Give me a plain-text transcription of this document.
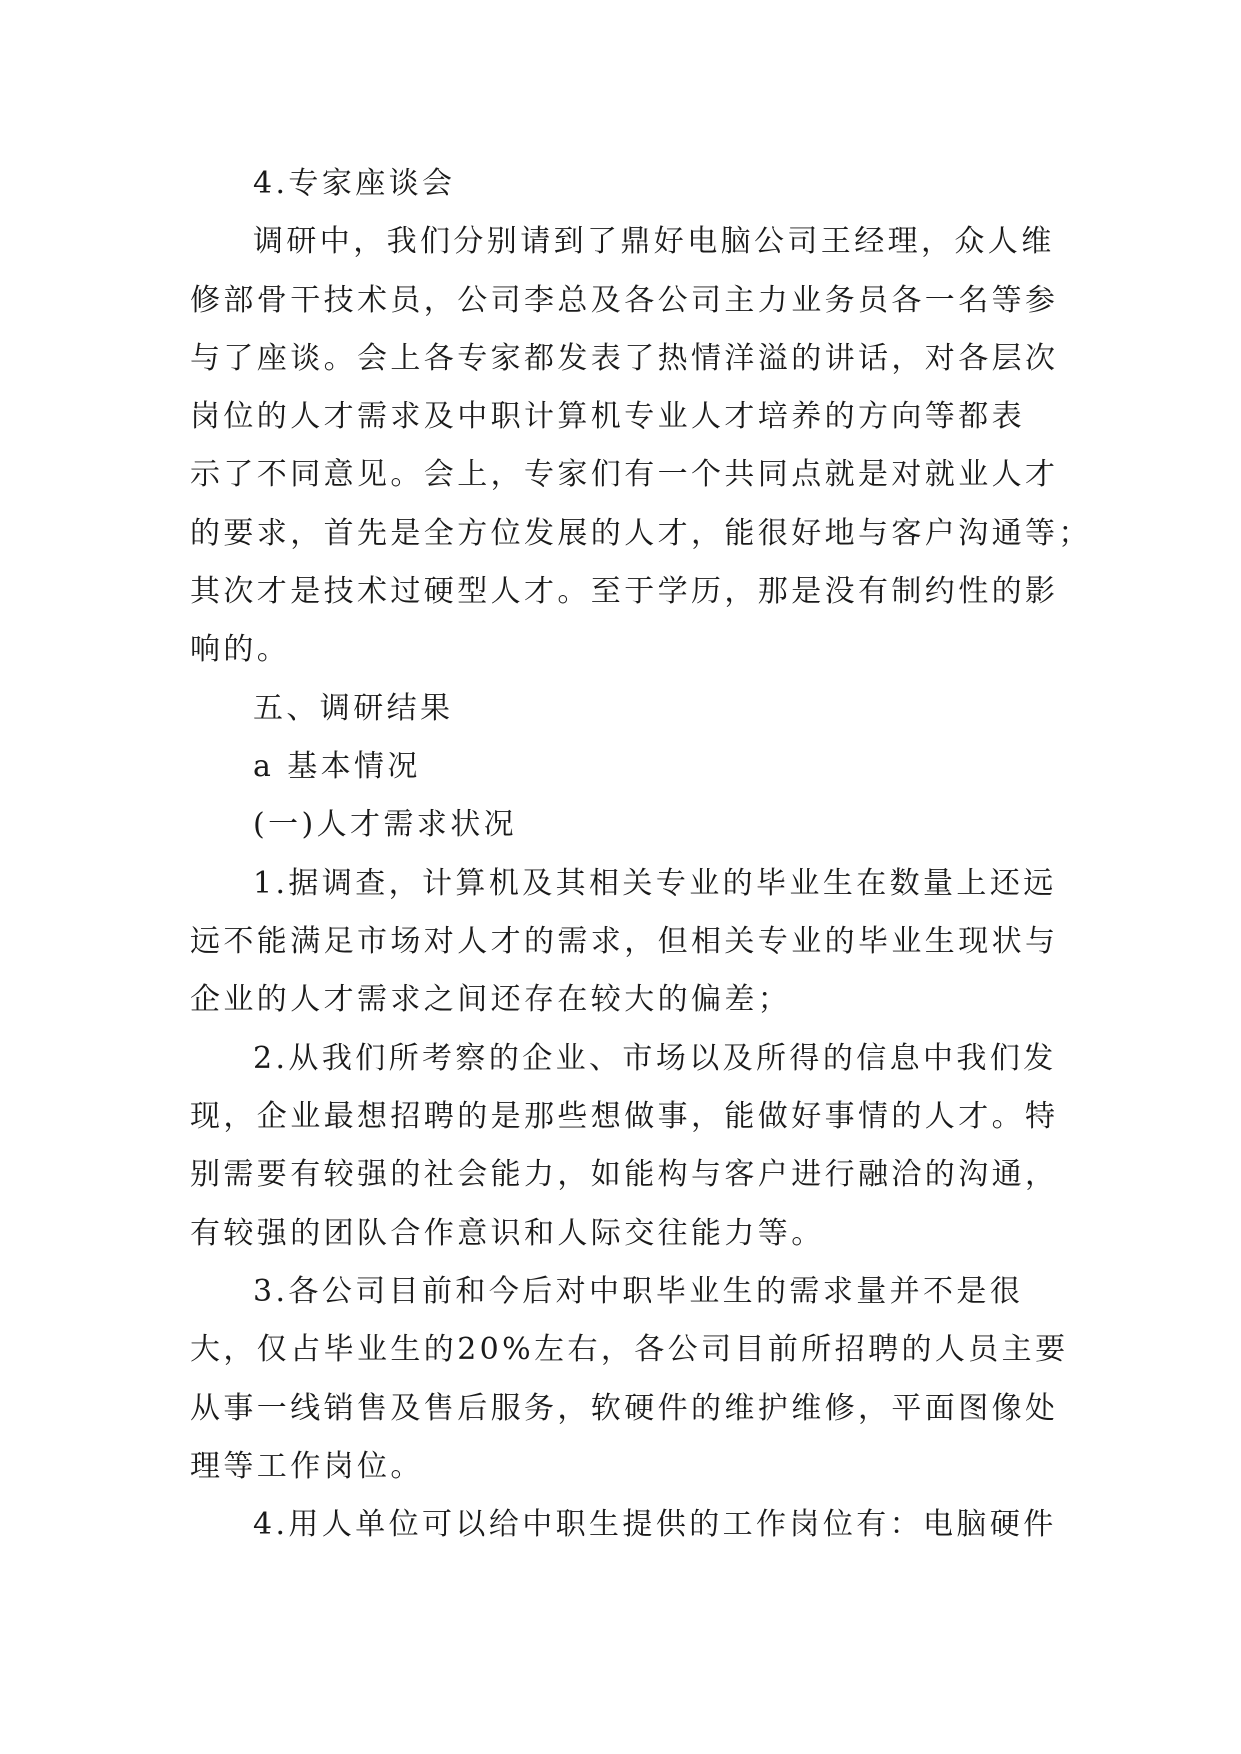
4.专家座谈会
调研中，我们分别请到了鼎好电脑公司王经理，众人维
修部骨干技术员，公司李总及各公司主力业务员各一名等参
与了座谈。会上各专家都发表了热情洋溢的讲话，对各层次
岗位的人才需求及中职计算机专业人才培养的方向等都表
示了不同意见。会上，专家们有一个共同点就是对就业人才
的要求，首先是全方位发展的人才，能很好地与客户沟通等；
其次才是技术过硬型人才。至于学历，那是没有制约性的影
响的。
五、调研结果
a 基本情况
(一)人才需求状况
1.据调查，计算机及其相关专业的毕业生在数量上还远
远不能满足市场对人才的需求，但相关专业的毕业生现状与
企业的人才需求之间还存在较大的偏差；
2.从我们所考察的企业、市场以及所得的信息中我们发
现，企业最想招聘的是那些想做事，能做好事情的人才。特
别需要有较强的社会能力，如能构与客户进行融洽的沟通，
有较强的团队合作意识和人际交往能力等。
3.各公司目前和今后对中职毕业生的需求量并不是很
大，仅占毕业生的20%左右，各公司目前所招聘的人员主要
从事一线销售及售后服务，软硬件的维护维修，平面图像处
理等工作岗位。
4.用人单位可以给中职生提供的工作岗位有：电脑硬件
